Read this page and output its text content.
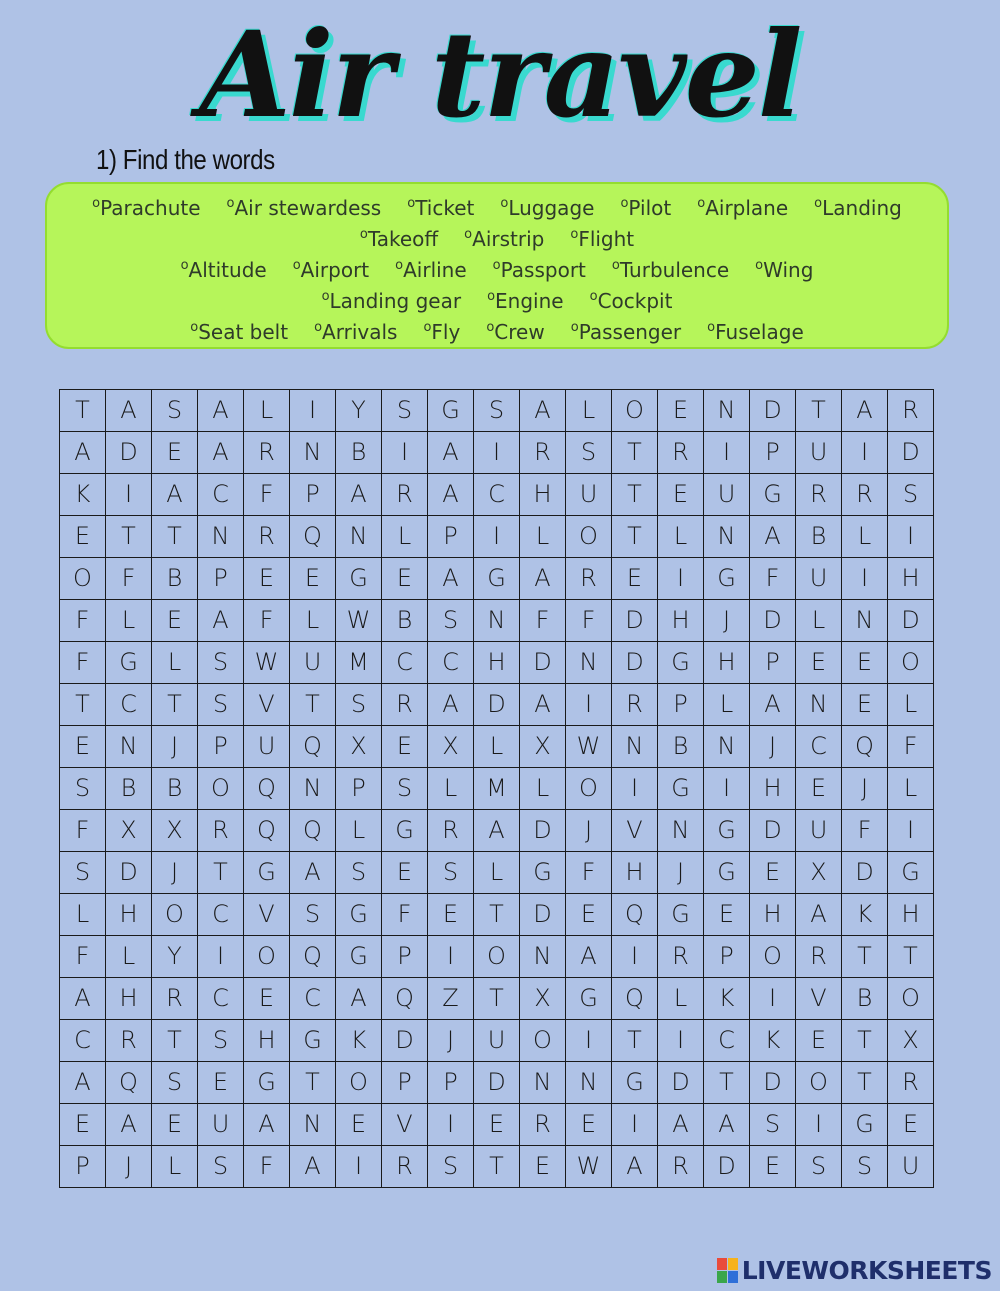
Air travel
1) Find the words
$^o$Parachute $^o$Air stewardess $^o$Ticket $^o$Luggage $^o$Pilot $^o$Airplane $^o$Landing
$^o$Takeoff $^o$Airstrip $^o$Flight
$^o$Altitude $^o$Airport $^o$Airline $^o$Passport $^o$Turbulence $^o$Wing
$^o$Landing gear $^o$Engine $^o$Cockpit
$^o$Seat belt $^o$Arrivals $^o$Fly $^o$Crew $^o$Passenger $^o$Fuselage
T	A	S	A	L	I	Y	S	G	S	A	L	O	E	N	D	T	A	R
A	D	E	A	R	N	B	I	A	I	R	S	T	R	I	P	U	I	D
K	I	A	C	F	P	A	R	A	C	H	U	T	E	U	G	R	R	S
E	T	T	N	R	Q	N	L	P	I	L	O	T	L	N	A	B	L	I
O	F	B	P	E	E	G	E	A	G	A	R	E	I	G	F	U	I	H
F	L	E	A	F	L	W	B	S	N	F	F	D	H	J	D	L	N	D
F	G	L	S	W	U	M	C	C	H	D	N	D	G	H	P	E	E	O
T	C	T	S	V	T	S	R	A	D	A	I	R	P	L	A	N	E	L
E	N	J	P	U	Q	X	E	X	L	X	W	N	B	N	J	C	Q	F
S	B	B	O	Q	N	P	S	L	M	L	O	I	G	I	H	E	J	L
F	X	X	R	Q	Q	L	G	R	A	D	J	V	N	G	D	U	F	I
S	D	J	T	G	A	S	E	S	L	G	F	H	J	G	E	X	D	G
L	H	O	C	V	S	G	F	E	T	D	E	Q	G	E	H	A	K	H
F	L	Y	I	O	Q	G	P	I	O	N	A	I	R	P	O	R	T	T
A	H	R	C	E	C	A	Q	Z	T	X	G	Q	L	K	I	V	B	O
C	R	T	S	H	G	K	D	J	U	O	I	T	I	C	K	E	T	X
A	Q	S	E	G	T	O	P	P	D	N	N	G	D	T	D	O	T	R
E	A	E	U	A	N	E	V	I	E	R	E	I	A	A	S	I	G	E
P	J	L	S	F	A	I	R	S	T	E	W	A	R	D	E	S	S	U
LIVEWORKSHEETS
